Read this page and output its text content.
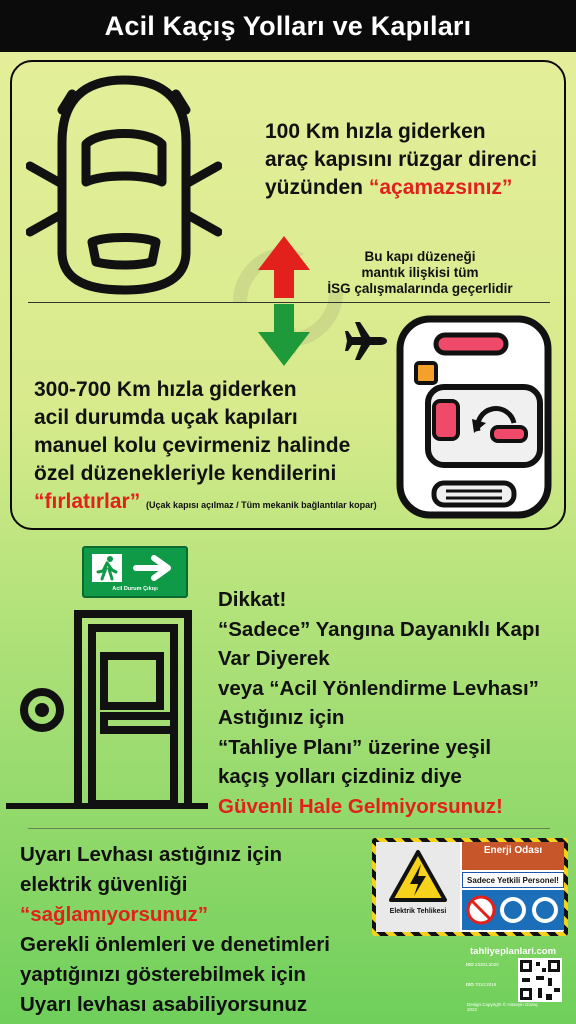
Acil Kaçış Yolları ve Kapıları
100 Km hızla giderken
araç kapısını rüzgar direnci
yüzünden “açamazsınız”
Bu kapı düzeneği
mantık ilişkisi tüm
İSG çalışmalarında geçerlidir
300-700 Km hızla giderken
acil durumda uçak kapıları
manuel kolu çevirmeniz halinde
özel düzenekleriyle kendilerini
“fırlatırlar” (Uçak kapısı açılmaz / Tüm mekanik bağlantılar kopar)
Acil Durum Çıkışı	Dikkat!
“Sadece” Yangına Dayanıklı Kapı
Var Diyerek
veya “Acil Yönlendirme Levhası”
Astığınız için
“Tahliye Planı” üzerine yeşil
kaçış yolları çizdiniz diye
Güvenli Hale Gelmiyorsunuz!
Uyarı Levhası astığınız için
elektrik güvenliği
“sağlamıyorsunuz”
Gerekli önlemleri ve denetimleri
yaptığınızı gösterebilmek için
Uyarı levhası asabiliyorsunuz
Elektrik Tehlikesi
Enerji Odası
Sadece Yetkili Personel!
tahliyeplanlari.com
ISO 23301:2020
ISO 7010:2016
Design Copyright © Hüseyin Güzaç 2022
